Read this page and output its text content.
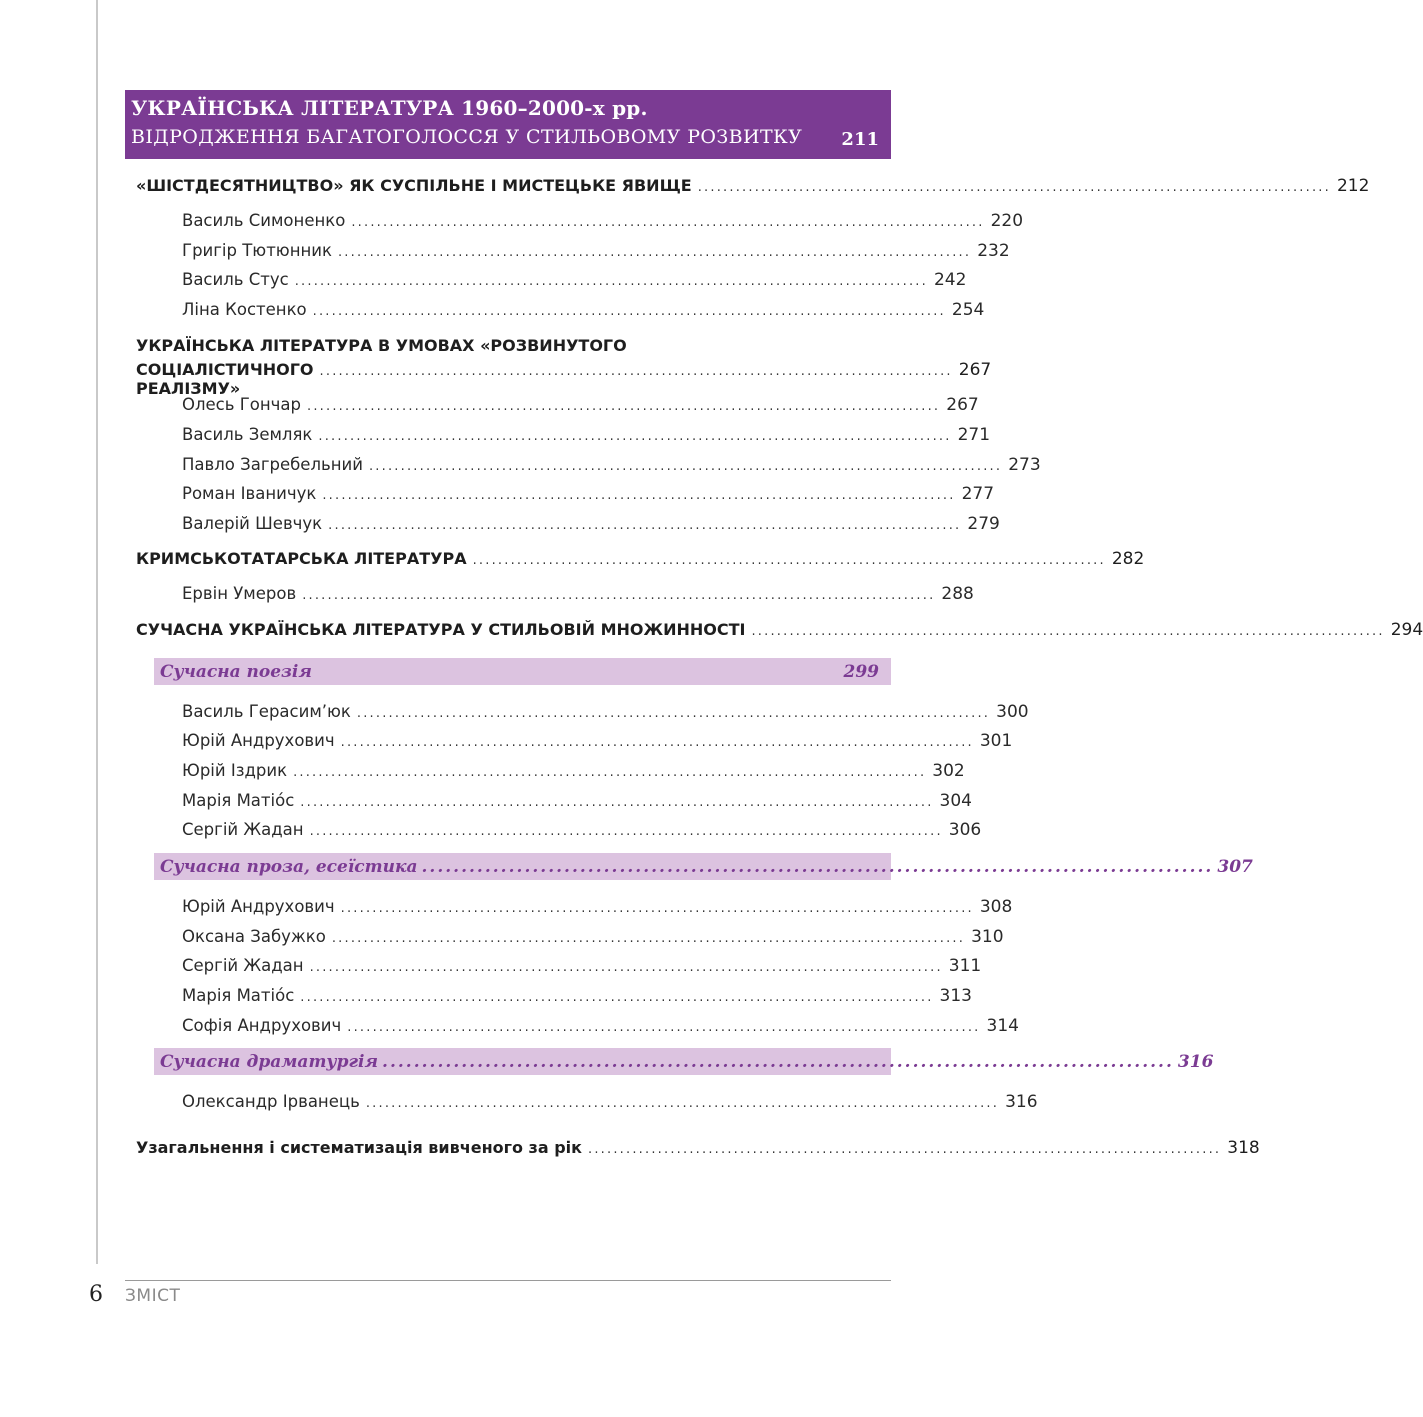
УКРАЇНСЬКА ЛІТЕРАТУРА 1960–2000-х рр.
ВІДРОДЖЕННЯ БАГАТОГОЛОССЯ У СТИЛЬОВОМУ РОЗВИТКУ 211
«ШІСТДЕСЯТНИЦТВО» ЯК СУСПІЛЬНЕ І МИСТЕЦЬКЕ ЯВИЩЕ .................................................................................................... 212
Василь Симоненко .................................................................................................... 220
Григір Тютюнник .................................................................................................... 232
Василь Стус .................................................................................................... 242
Ліна Костенко .................................................................................................... 254
УКРАЇНСЬКА ЛІТЕРАТУРА В УМОВАХ «РОЗВИНУТОГО
СОЦІАЛІСТИЧНОГО РЕАЛІЗМУ»
.................................................................................................... 267
Олесь Гончар .................................................................................................... 267
Василь Земляк .................................................................................................... 271
Павло Загребельний .................................................................................................... 273
Роман Іваничук .................................................................................................... 277
Валерій Шевчук .................................................................................................... 279
КРИМСЬКОТАТАРСЬКА ЛІТЕРАТУРА .................................................................................................... 282
Ервін Умеров .................................................................................................... 288
СУЧАСНА УКРАЇНСЬКА ЛІТЕРАТУРА У СТИЛЬОВІЙ МНОЖИННОСТІ .................................................................................................... 294
Сучасна поезія	299
Василь Герасим’юк .................................................................................................... 300
Юрій Андрухович .................................................................................................... 301
Юрій Іздрик .................................................................................................... 302
Марія Матіóс .................................................................................................... 304
Сергій Жадан .................................................................................................... 306
Сучасна проза, есеїстика .................................................................................................... 307
Юрій Андрухович .................................................................................................... 308
Оксана Забужко .................................................................................................... 310
Сергій Жадан .................................................................................................... 311
Марія Матіóс .................................................................................................... 313
Софія Андрухович .................................................................................................... 314
Сучасна драматургія .................................................................................................... 316
Олександр Ірванець .................................................................................................... 316
Узагальнення і систематизація вивченого за рік .................................................................................................... 318
6 ЗМІСТ
